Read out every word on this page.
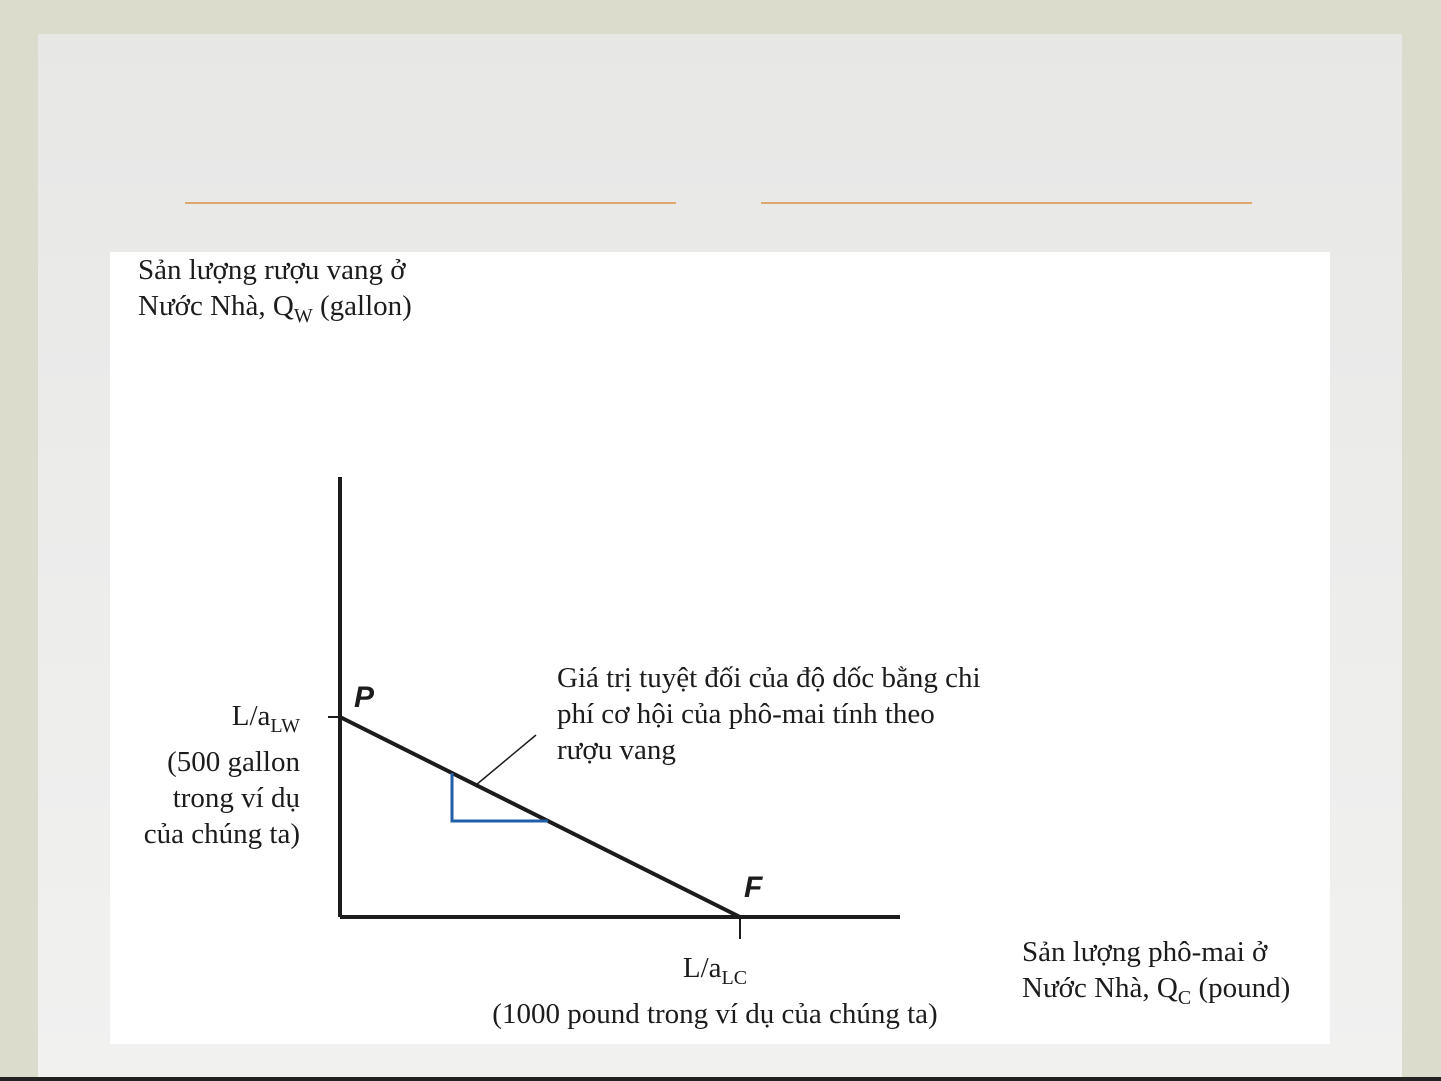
Sản lượng rượu vang ở
Nước Nhà, $Q_W$ (gallon)
$L/a_{LW}$
(500 gallon
trong ví dụ
của chúng ta)
$L/a_{LC}$
(1000 pound trong ví dụ của chúng ta)
Sản lượng phô-mai ở
Nước Nhà, $Q_C$ (pound)
Giá trị tuyệt đối của độ dốc bằng chi
phí cơ hội của phô-mai tính theo
rượu vang
P
F
